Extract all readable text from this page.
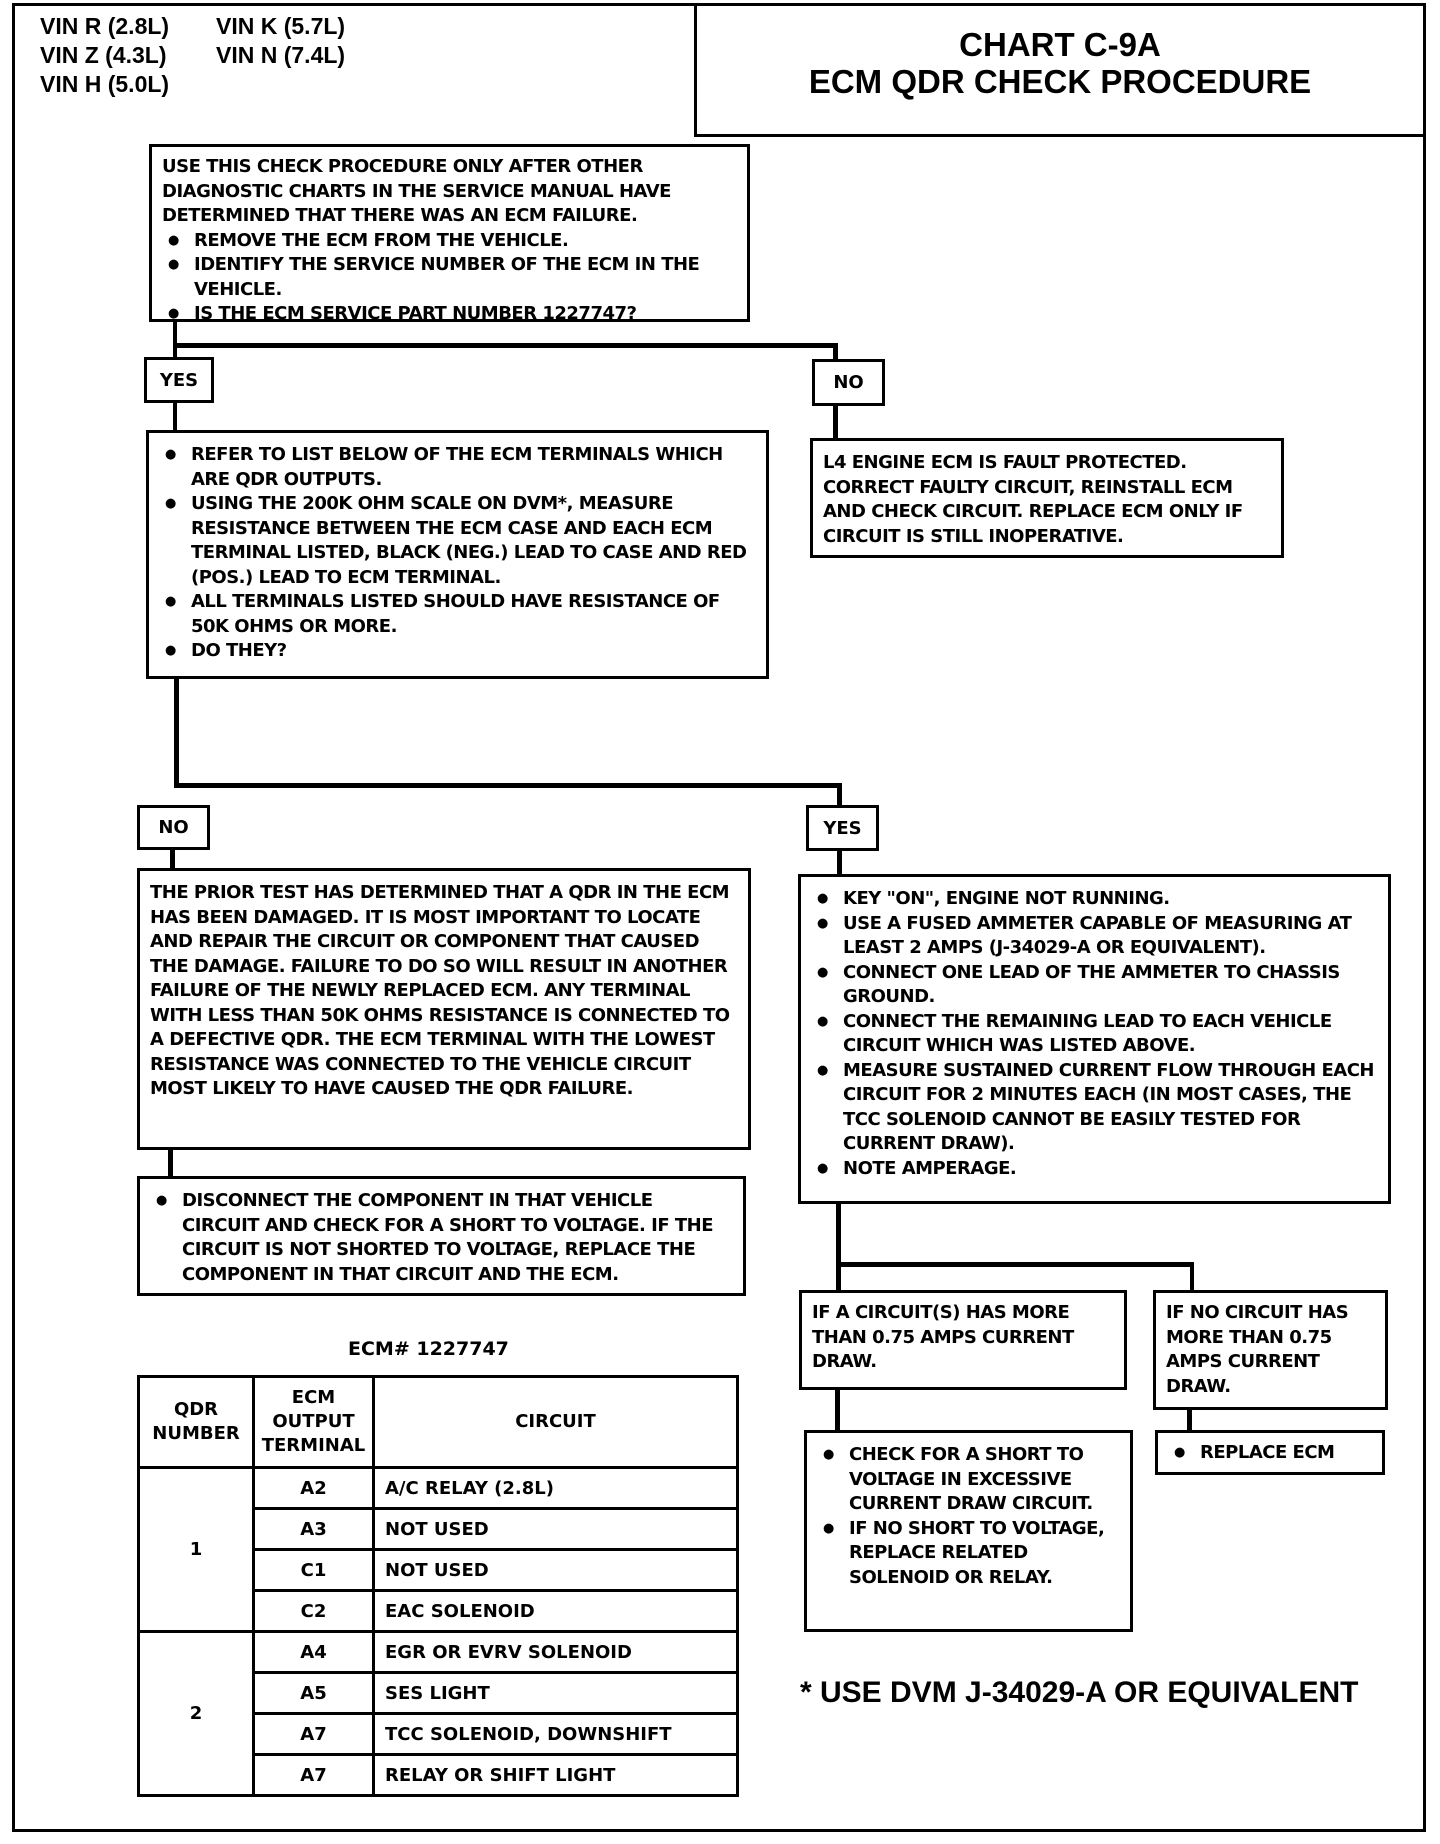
VIN R (2.8L) VIN K (5.7L)
VIN Z (4.3L) VIN N (7.4L)
VIN H (5.0L)
CHART C-9A
ECM QDR CHECK PROCEDURE

USE THIS CHECK PROCEDURE ONLY AFTER OTHER DIAGNOSTIC CHARTS IN THE SERVICE MANUAL HAVE DETERMINED THAT THERE WAS AN ECM FAILURE.

● REMOVE THE ECM FROM THE VEHICLE.
● IDENTIFY THE SERVICE NUMBER OF THE ECM IN THE VEHICLE.
● IS THE ECM SERVICE PART NUMBER 1227747?
YES	NO
● REFER TO LIST BELOW OF THE ECM TERMINALS WHICH ARE QDR OUTPUTS.
● USING THE 200K OHM SCALE ON DVM*, MEASURE RESISTANCE BETWEEN THE ECM CASE AND EACH ECM TERMINAL LISTED, BLACK (NEG.) LEAD TO CASE AND RED (POS.) LEAD TO ECM TERMINAL.
● ALL TERMINALS LISTED SHOULD HAVE RESISTANCE OF 50K OHMS OR MORE.
● DO THEY?

L4 ENGINE ECM IS FAULT PROTECTED. CORRECT FAULTY CIRCUIT, REINSTALL ECM AND CHECK CIRCUIT. REPLACE ECM ONLY IF CIRCUIT IS STILL INOPERATIVE.

NO	YES

THE PRIOR TEST HAS DETERMINED THAT A QDR IN THE ECM HAS BEEN DAMAGED. IT IS MOST IMPORTANT TO LOCATE AND REPAIR THE CIRCUIT OR COMPONENT THAT CAUSED THE DAMAGE. FAILURE TO DO SO WILL RESULT IN ANOTHER FAILURE OF THE NEWLY REPLACED ECM. ANY TERMINAL WITH LESS THAN 50K OHMS RESISTANCE IS CONNECTED TO A DEFECTIVE QDR. THE ECM TERMINAL WITH THE LOWEST RESISTANCE WAS CONNECTED TO THE VEHICLE CIRCUIT MOST LIKELY TO HAVE CAUSED THE QDR FAILURE.

● DISCONNECT THE COMPONENT IN THAT VEHICLE CIRCUIT AND CHECK FOR A SHORT TO VOLTAGE. IF THE CIRCUIT IS NOT SHORTED TO VOLTAGE, REPLACE THE COMPONENT IN THAT CIRCUIT AND THE ECM.
● KEY "ON", ENGINE NOT RUNNING.
● USE A FUSED AMMETER CAPABLE OF MEASURING AT LEAST 2 AMPS (J-34029-A OR EQUIVALENT).
● CONNECT ONE LEAD OF THE AMMETER TO CHASSIS GROUND.
● CONNECT THE REMAINING LEAD TO EACH VEHICLE CIRCUIT WHICH WAS LISTED ABOVE.
● MEASURE SUSTAINED CURRENT FLOW THROUGH EACH CIRCUIT FOR 2 MINUTES EACH (IN MOST CASES, THE TCC SOLENOID CANNOT BE EASILY TESTED FOR CURRENT DRAW).
● NOTE AMPERAGE.

IF A CIRCUIT(S) HAS MORE THAN 0.75 AMPS CURRENT DRAW.

IF NO CIRCUIT HAS MORE THAN 0.75 AMPS CURRENT DRAW.

● CHECK FOR A SHORT TO VOLTAGE IN EXCESSIVE CURRENT DRAW CIRCUIT.
● IF NO SHORT TO VOLTAGE, REPLACE RELATED SOLENOID OR RELAY.
● REPLACE ECM
ECM# 1227747
QDR NUMBER	ECM OUTPUT TERMINAL	CIRCUIT
1	A2	A/C RELAY (2.8L)
	A3	NOT USED
	C1	NOT USED
	C2	EAC SOLENOID
2	A4	EGR OR EVRV SOLENOID
	A5	SES LIGHT
	A7	TCC SOLENOID, DOWNSHIFT
	A7	RELAY OR SHIFT LIGHT
* USE DVM J-34029-A OR EQUIVALENT
